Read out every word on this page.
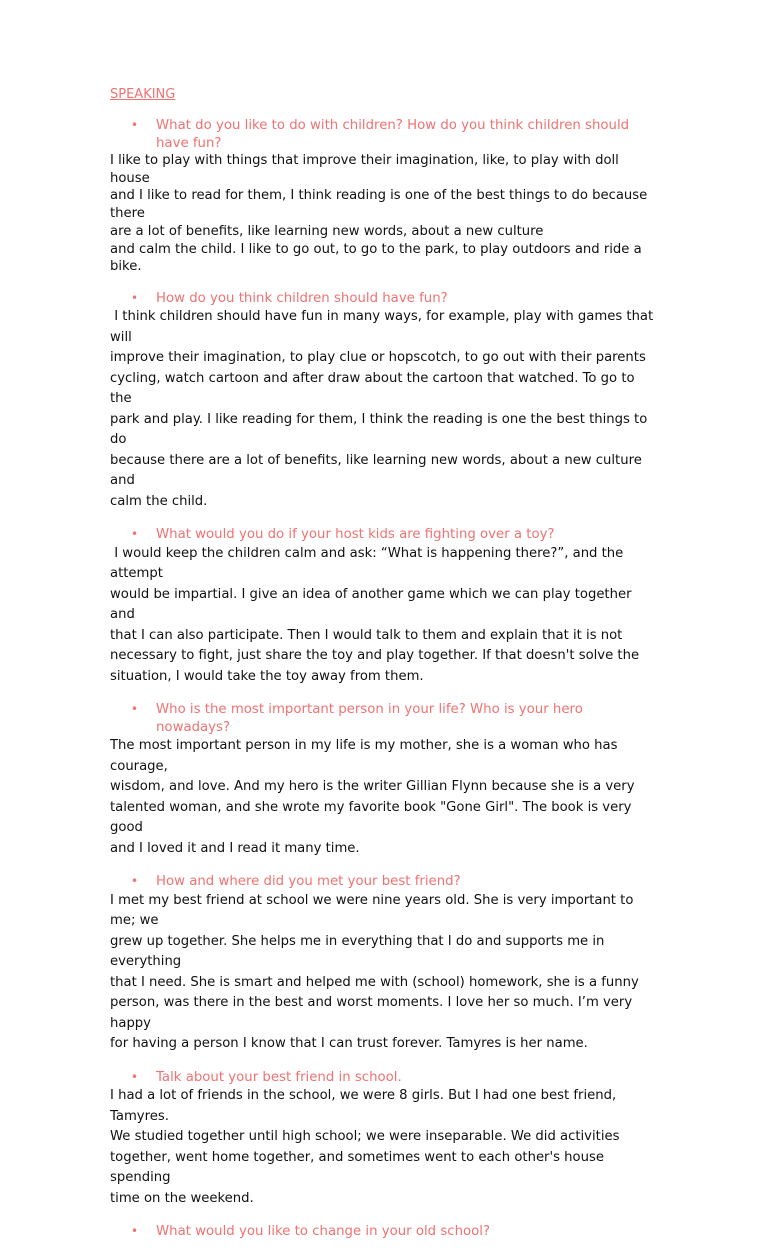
SPEAKING
• What do you like to do with children? How do you think children should have fun?
I like to play with things that improve their imagination, like, to play with doll house
and I like to read for them, I think reading is one of the best things to do because there
are a lot of benefits, like learning new words, about a new culture
and calm the child. I like to go out, to go to the park, to play outdoors and ride a bike.
• How do you think children should have fun?
I think children should have fun in many ways, for example, play with games that will
improve their imagination, to play clue or hopscotch, to go out with their parents
cycling, watch cartoon and after draw about the cartoon that watched. To go to the
park and play. I like reading for them, I think the reading is one the best things to do
because there are a lot of benefits, like learning new words, about a new culture and
calm the child.
• What would you do if your host kids are fighting over a toy?
I would keep the children calm and ask: “What is happening there?”, and the attempt
would be impartial. I give an idea of another game which we can play together and
that I can also participate. Then I would talk to them and explain that it is not
necessary to fight, just share the toy and play together. If that doesn't solve the
situation, I would take the toy away from them.
• Who is the most important person in your life? Who is your hero nowadays?
The most important person in my life is my mother, she is a woman who has courage,
wisdom, and love. And my hero is the writer Gillian Flynn because she is a very
talented woman, and she wrote my favorite book "Gone Girl". The book is very good
and I loved it and I read it many time.
• How and where did you met your best friend?
I met my best friend at school we were nine years old. She is very important to me; we
grew up together. She helps me in everything that I do and supports me in everything
that I need. She is smart and helped me with (school) homework, she is a funny
person, was there in the best and worst moments. I love her so much. I’m very happy
for having a person I know that I can trust forever. Tamyres is her name.
• Talk about your best friend in school.
I had a lot of friends in the school, we were 8 girls. But I had one best friend, Tamyres.
We studied together until high school; we were inseparable. We did activities
together, went home together, and sometimes went to each other's house spending
time on the weekend.
• What would you like to change in your old school?
